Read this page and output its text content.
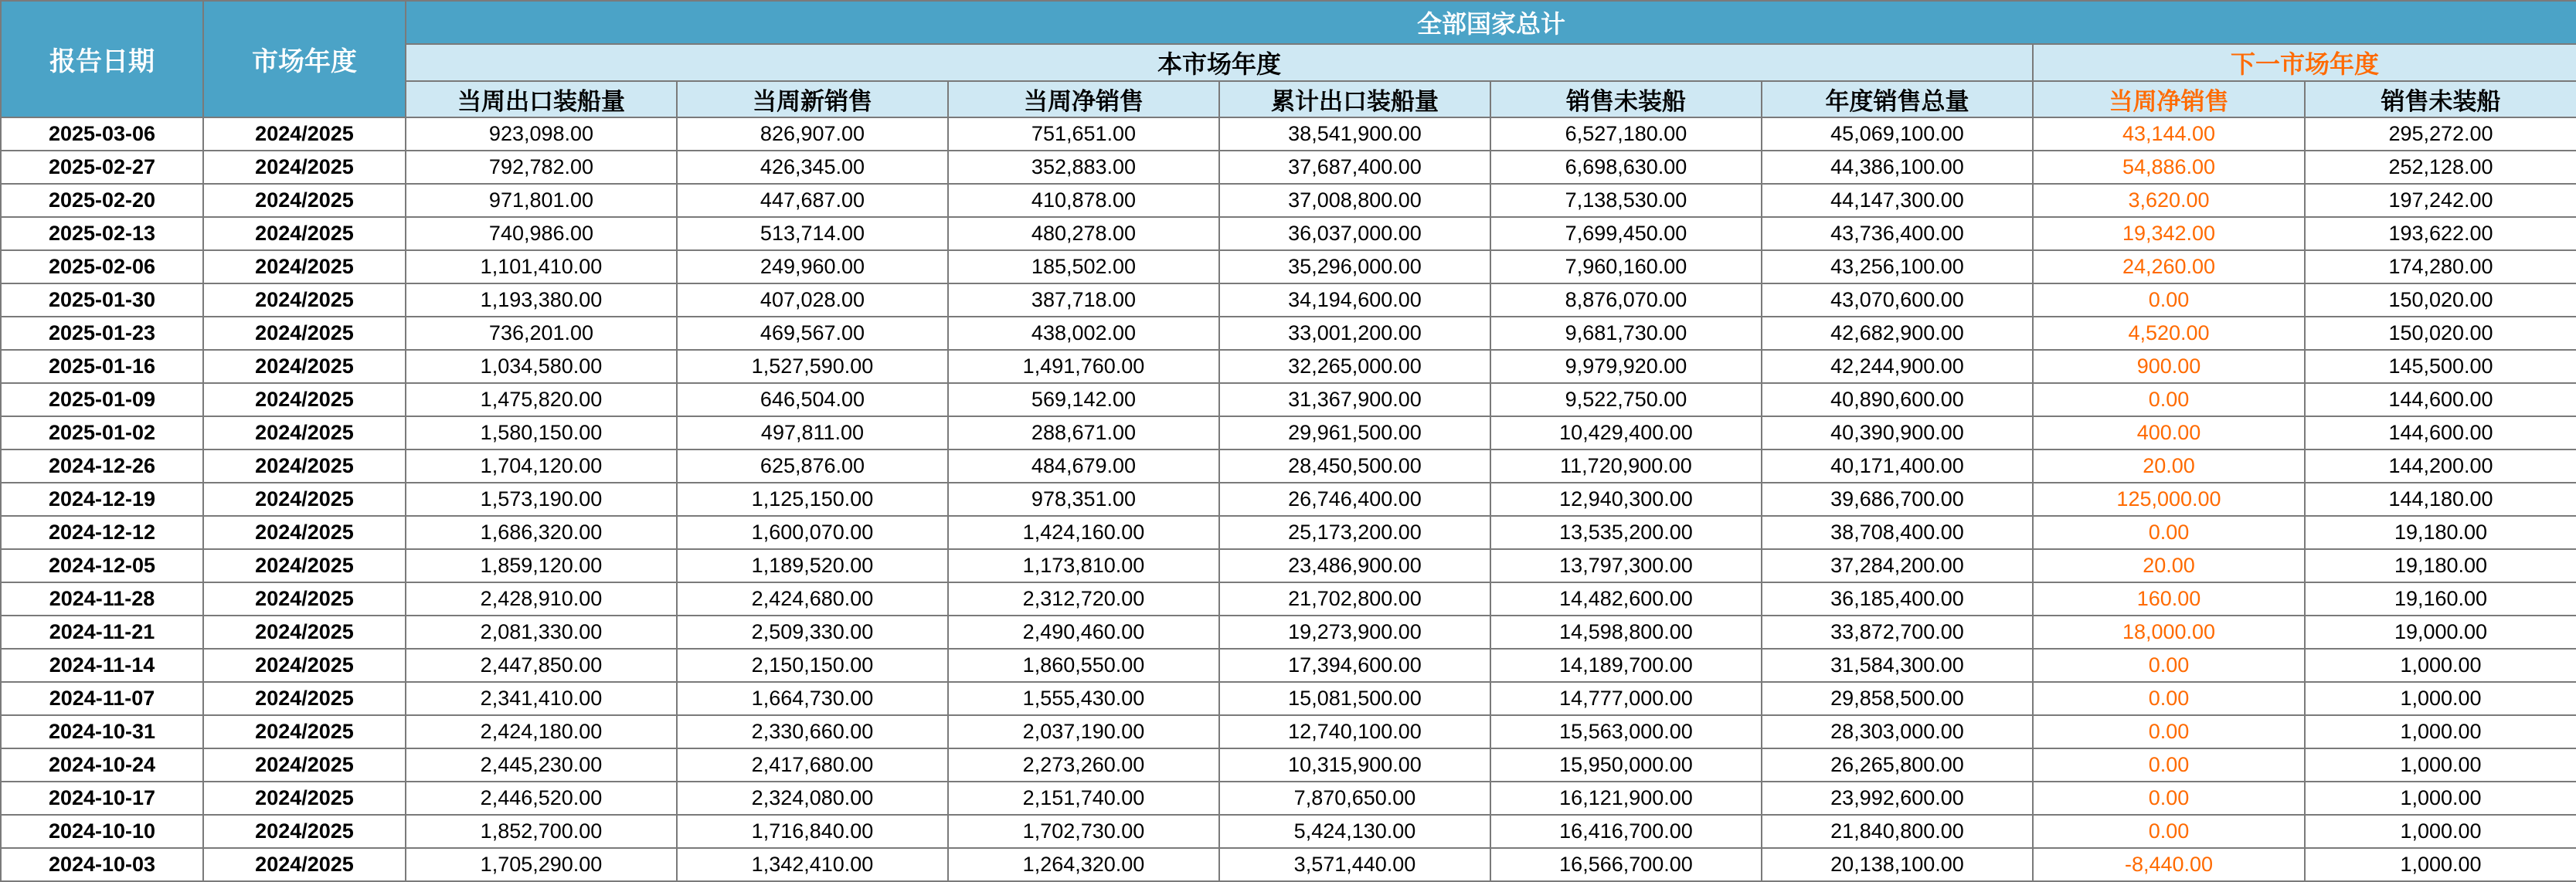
报告日期	市场年度	全部国家总计							
		本市场年度						下一市场年度	
		当周出口装船量	当周新销售	当周净销售	累计出口装船量	销售未装船	年度销售总量	当周净销售	销售未装船
2025-03-06	2024/2025	923,098.00	826,907.00	751,651.00	38,541,900.00	6,527,180.00	45,069,100.00	43,144.00	295,272.00
2025-02-27	2024/2025	792,782.00	426,345.00	352,883.00	37,687,400.00	6,698,630.00	44,386,100.00	54,886.00	252,128.00
2025-02-20	2024/2025	971,801.00	447,687.00	410,878.00	37,008,800.00	7,138,530.00	44,147,300.00	3,620.00	197,242.00
2025-02-13	2024/2025	740,986.00	513,714.00	480,278.00	36,037,000.00	7,699,450.00	43,736,400.00	19,342.00	193,622.00
2025-02-06	2024/2025	1,101,410.00	249,960.00	185,502.00	35,296,000.00	7,960,160.00	43,256,100.00	24,260.00	174,280.00
2025-01-30	2024/2025	1,193,380.00	407,028.00	387,718.00	34,194,600.00	8,876,070.00	43,070,600.00	0.00	150,020.00
2025-01-23	2024/2025	736,201.00	469,567.00	438,002.00	33,001,200.00	9,681,730.00	42,682,900.00	4,520.00	150,020.00
2025-01-16	2024/2025	1,034,580.00	1,527,590.00	1,491,760.00	32,265,000.00	9,979,920.00	42,244,900.00	900.00	145,500.00
2025-01-09	2024/2025	1,475,820.00	646,504.00	569,142.00	31,367,900.00	9,522,750.00	40,890,600.00	0.00	144,600.00
2025-01-02	2024/2025	1,580,150.00	497,811.00	288,671.00	29,961,500.00	10,429,400.00	40,390,900.00	400.00	144,600.00
2024-12-26	2024/2025	1,704,120.00	625,876.00	484,679.00	28,450,500.00	11,720,900.00	40,171,400.00	20.00	144,200.00
2024-12-19	2024/2025	1,573,190.00	1,125,150.00	978,351.00	26,746,400.00	12,940,300.00	39,686,700.00	125,000.00	144,180.00
2024-12-12	2024/2025	1,686,320.00	1,600,070.00	1,424,160.00	25,173,200.00	13,535,200.00	38,708,400.00	0.00	19,180.00
2024-12-05	2024/2025	1,859,120.00	1,189,520.00	1,173,810.00	23,486,900.00	13,797,300.00	37,284,200.00	20.00	19,180.00
2024-11-28	2024/2025	2,428,910.00	2,424,680.00	2,312,720.00	21,702,800.00	14,482,600.00	36,185,400.00	160.00	19,160.00
2024-11-21	2024/2025	2,081,330.00	2,509,330.00	2,490,460.00	19,273,900.00	14,598,800.00	33,872,700.00	18,000.00	19,000.00
2024-11-14	2024/2025	2,447,850.00	2,150,150.00	1,860,550.00	17,394,600.00	14,189,700.00	31,584,300.00	0.00	1,000.00
2024-11-07	2024/2025	2,341,410.00	1,664,730.00	1,555,430.00	15,081,500.00	14,777,000.00	29,858,500.00	0.00	1,000.00
2024-10-31	2024/2025	2,424,180.00	2,330,660.00	2,037,190.00	12,740,100.00	15,563,000.00	28,303,000.00	0.00	1,000.00
2024-10-24	2024/2025	2,445,230.00	2,417,680.00	2,273,260.00	10,315,900.00	15,950,000.00	26,265,800.00	0.00	1,000.00
2024-10-17	2024/2025	2,446,520.00	2,324,080.00	2,151,740.00	7,870,650.00	16,121,900.00	23,992,600.00	0.00	1,000.00
2024-10-10	2024/2025	1,852,700.00	1,716,840.00	1,702,730.00	5,424,130.00	16,416,700.00	21,840,800.00	0.00	1,000.00
2024-10-03	2024/2025	1,705,290.00	1,342,410.00	1,264,320.00	3,571,440.00	16,566,700.00	20,138,100.00	-8,440.00	1,000.00
